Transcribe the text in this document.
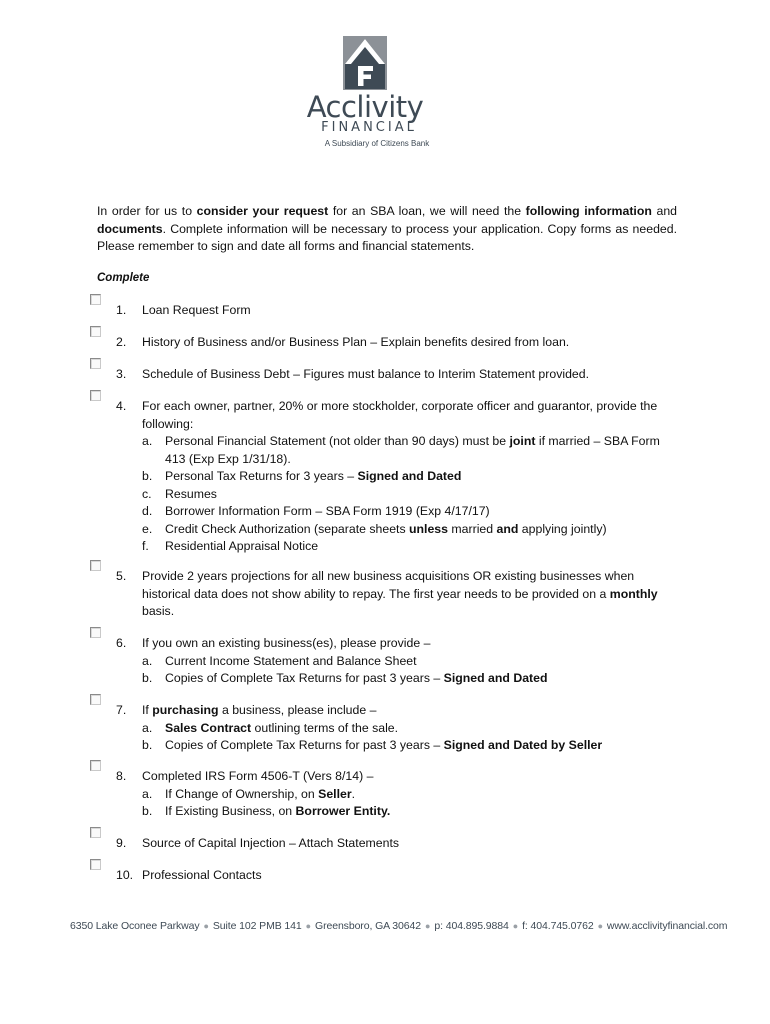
Acclivity
FINANCIAL
A Subsidiary of Citizens Bank
In order for us to consider your request for an SBA loan, we will need the following information and documents. Complete information will be necessary to process your application. Copy forms as needed. Please remember to sign and date all forms and financial statements.
Complete
1. Loan Request Form
2. History of Business and/or Business Plan – Explain benefits desired from loan.
3. Schedule of Business Debt – Figures must balance to Interim Statement provided.
4. For each owner, partner, 20% or more stockholder, corporate officer and guarantor, provide the following:
a. Personal Financial Statement (not older than 90 days) must be joint if married – SBA Form 413 (Exp Exp 1/31/18).
b. Personal Tax Returns for 3 years – Signed and Dated
c. Resumes
d. Borrower Information Form – SBA Form 1919 (Exp 4/17/17)
e. Credit Check Authorization (separate sheets unless married and applying jointly)
f. Residential Appraisal Notice
5. Provide 2 years projections for all new business acquisitions OR existing businesses when historical data does not show ability to repay. The first year needs to be provided on a monthly basis.
6. If you own an existing business(es), please provide –
a. Current Income Statement and Balance Sheet
b. Copies of Complete Tax Returns for past 3 years – Signed and Dated
7. If purchasing a business, please include –
a. Sales Contract outlining terms of the sale.
b. Copies of Complete Tax Returns for past 3 years – Signed and Dated by Seller
8. Completed IRS Form 4506-T (Vers 8/14) –
a. If Change of Ownership, on Seller.
b. If Existing Business, on Borrower Entity.
9. Source of Capital Injection – Attach Statements
10. Professional Contacts
6350 Lake Oconee Parkway ● Suite 102 PMB 141 ● Greensboro, GA 30642 ● p: 404.895.9884 ● f: 404.745.0762 ● www.acclivityfinancial.com
